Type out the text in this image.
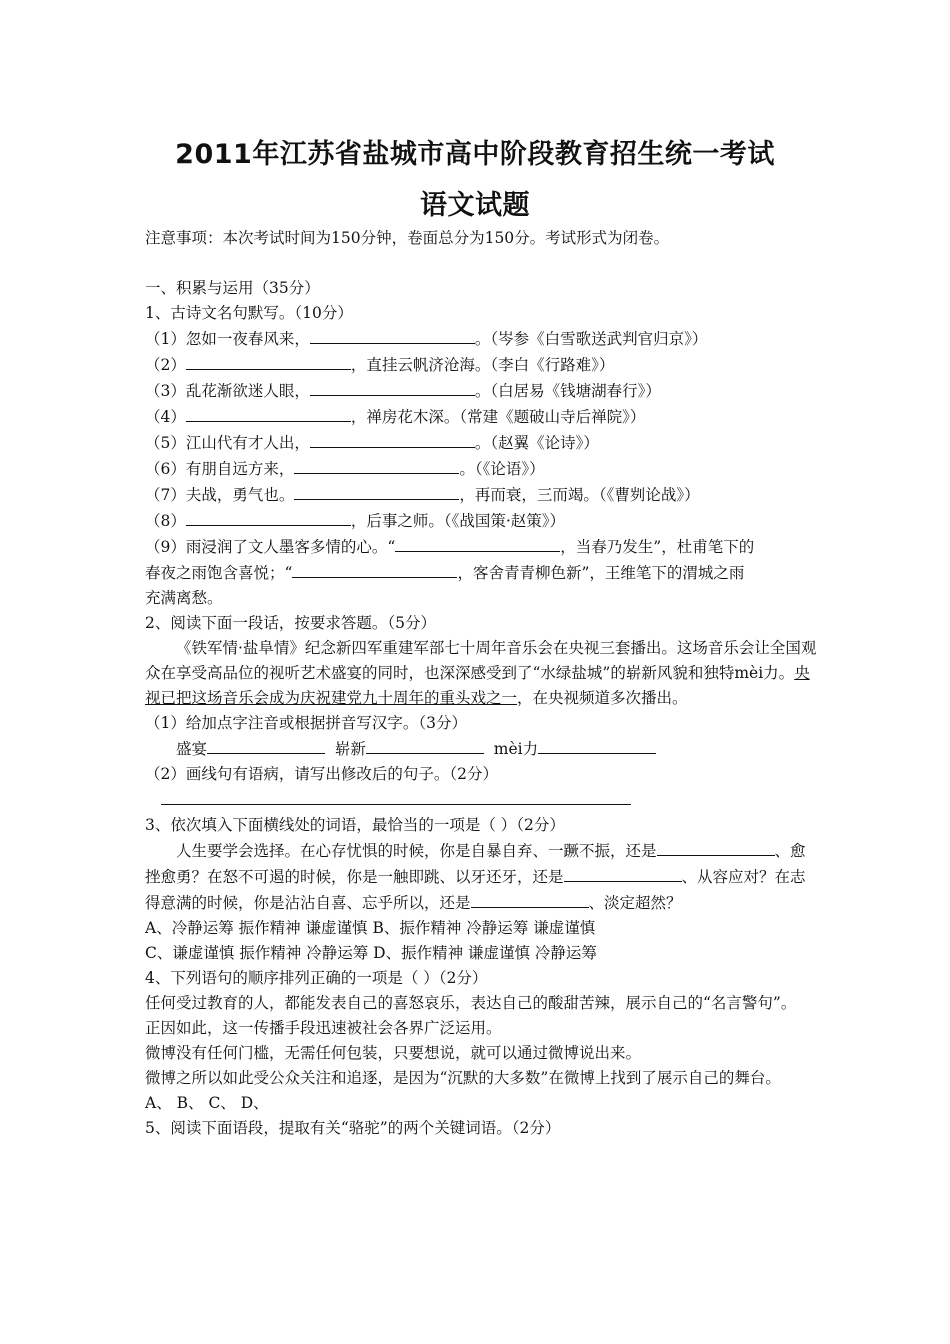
2011年江苏省盐城市高中阶段教育招生统一考试
语文试题

注意事项：本次考试时间为150分钟，卷面总分为150分。考试形式为闭卷。

一、积累与运用（35分）

1、古诗文名句默写。（10分）

（1）忽如一夜春风来，	。（岑参《白雪歌送武判官归京》）

（2）	，直挂云帆济沧海。（李白《行路难》）

（3）乱花渐欲迷人眼，	。（白居易《钱塘湖春行》）

（4）	，禅房花木深。（常建《题破山寺后禅院》）

（5）江山代有才人出，	。（赵翼《论诗》）

（6）有朋自远方来，	。（《论语》）

（7）夫战，勇气也。	，再而衰，三而竭。（《曹刿论战》）

（8）	，后事之师。（《战国策·赵策》）

（9）雨浸润了文人墨客多情的心。“	，当春乃发生”，杜甫笔下的
春夜之雨饱含喜悦；“	，客舍青青柳色新”，王维笔下的渭城之雨
充满离愁。

2、阅读下面一段话，按要求答题。（5分）

《铁军情·盐阜情》纪念新四军重建军部七十周年音乐会在央视三套播出。这场音乐会让全国观众在享受高品位的视听艺术盛宴的同时，也深深感受到了“水绿盐城”的崭新风貌和独特mèi力。央视已把这场音乐会成为庆祝建党九十周年的重头戏之一，在央视频道多次播出。

（1）给加点字注音或根据拼音写汉字。（3分）

盛宴	崭新	mèi力

（2）画线句有语病，请写出修改后的句子。（2分）

3、依次填入下面横线处的词语，最恰当的一项是（ ）（2分）

人生要学会选择。在心存忧惧的时候，你是自暴自弃、一蹶不振，还是	、愈挫愈勇？在怒不可遏的时候，你是一触即跳、以牙还牙，还是	、从容应对？在志得意满的时候，你是沾沾自喜、忘乎所以，还是	、淡定超然？

A、冷静运筹 振作精神 谦虚谨慎 B、振作精神 冷静运筹 谦虚谨慎

C、谦虚谨慎 振作精神 冷静运筹 D、振作精神 谦虚谨慎 冷静运筹

4、下列语句的顺序排列正确的一项是（ ）（2分）

任何受过教育的人，都能发表自己的喜怒哀乐，表达自己的酸甜苦辣，展示自己的“名言警句”。

正因如此，这一传播手段迅速被社会各界广泛运用。

微博没有任何门槛，无需任何包装，只要想说，就可以通过微博说出来。

微博之所以如此受公众关注和追逐，是因为“沉默的大多数”在微博上找到了展示自己的舞台。

A、 B、 C、 D、

5、阅读下面语段，提取有关“骆驼”的两个关键词语。（2分）
